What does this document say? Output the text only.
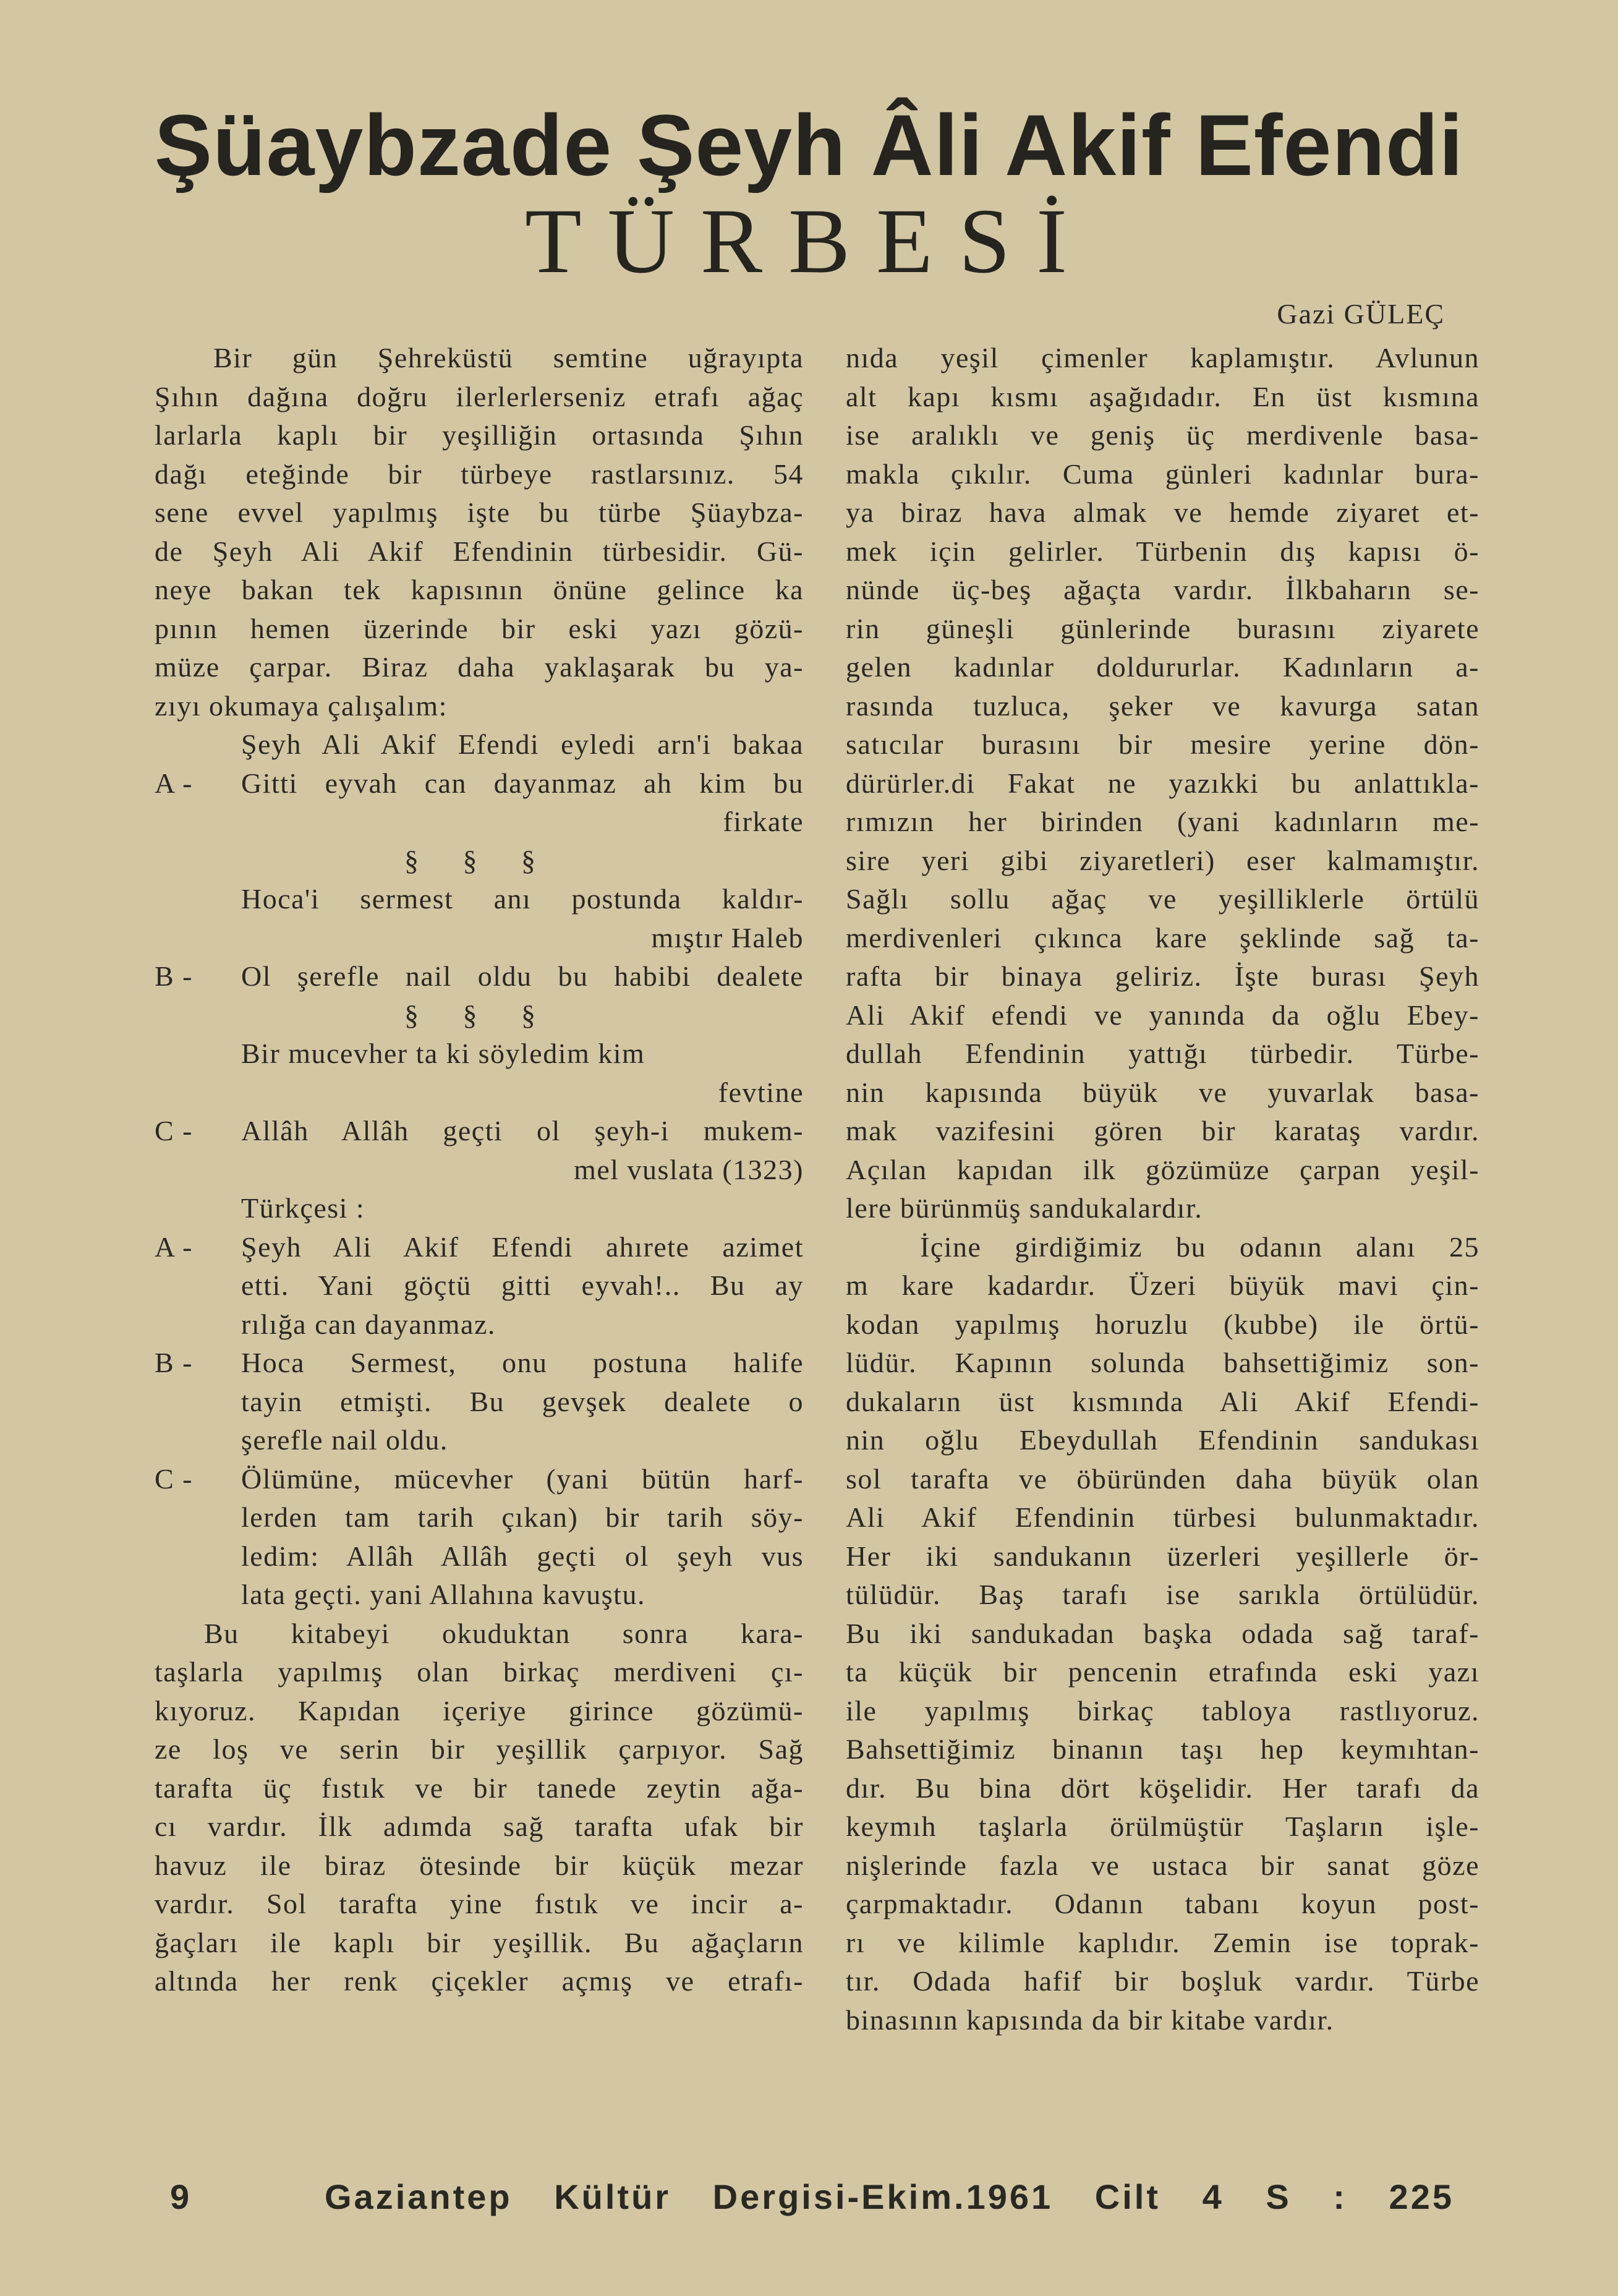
Şüaybzade Şeyh Âli Akif Efendi
TÜRBESİ
Gazi GÜLEÇ
Bir gün Şehreküstü semtine uğrayıpta
Şıhın dağına doğru ilerlerlerseniz etrafı ağaç
larlarla kaplı bir yeşilliğin ortasında Şıhın
dağı eteğinde bir türbeye rastlarsınız. 54
sene evvel yapılmış işte bu türbe Şüaybza-
de Şeyh Ali Akif Efendinin türbesidir. Gü-
neye bakan tek kapısının önüne gelince ka
pının hemen üzerinde bir eski yazı gözü-
müze çarpar. Biraz daha yaklaşarak bu ya-
zıyı okumaya çalışalım:
Şeyh Ali Akif Efendi eyledi arn'i bakaa
A -	Gitti eyvah can dayanmaz ah kim bu
firkate
§ § §
Hoca'i sermest anı postunda kaldır-
mıştır Haleb
B -	Ol şerefle nail oldu bu habibi dealete
§ § §
Bir mucevher ta ki söyledim kim
fevtine
C -	Allâh Allâh geçti ol şeyh-i mukem-
mel vuslata (1323)
Türkçesi :
A -	Şeyh Ali Akif Efendi ahırete azimet
etti. Yani göçtü gitti eyvah!.. Bu ay
rılığa can dayanmaz.
B -	Hoca Sermest, onu postuna halife
tayin etmişti. Bu gevşek dealete o
şerefle nail oldu.
C -	Ölümüne, mücevher (yani bütün harf-
lerden tam tarih çıkan) bir tarih söy-
ledim: Allâh Allâh geçti ol şeyh vus
lata geçti. yani Allahına kavuştu.
Bu kitabeyi okuduktan sonra kara-
taşlarla yapılmış olan birkaç merdiveni çı-
kıyoruz. Kapıdan içeriye girince gözümü-
ze loş ve serin bir yeşillik çarpıyor. Sağ
tarafta üç fıstık ve bir tanede zeytin ağa-
cı vardır. İlk adımda sağ tarafta ufak bir
havuz ile biraz ötesinde bir küçük mezar
vardır. Sol tarafta yine fıstık ve incir a-
ğaçları ile kaplı bir yeşillik. Bu ağaçların
altında her renk çiçekler açmış ve etrafı-
nıda yeşil çimenler kaplamıştır. Avlunun
alt kapı kısmı aşağıdadır. En üst kısmına
ise aralıklı ve geniş üç merdivenle basa-
makla çıkılır. Cuma günleri kadınlar bura-
ya biraz hava almak ve hemde ziyaret et-
mek için gelirler. Türbenin dış kapısı ö-
nünde üç-beş ağaçta vardır. İlkbaharın se-
rin güneşli günlerinde burasını ziyarete
gelen kadınlar doldururlar. Kadınların a-
rasında tuzluca, şeker ve kavurga satan
satıcılar burasını bir mesire yerine dön-
dürürler.di Fakat ne yazıkki bu anlattıkla-
rımızın her birinden (yani kadınların me-
sire yeri gibi ziyaretleri) eser kalmamıştır.
Sağlı sollu ağaç ve yeşilliklerle örtülü
merdivenleri çıkınca kare şeklinde sağ ta-
rafta bir binaya geliriz. İşte burası Şeyh
Ali Akif efendi ve yanında da oğlu Ebey-
dullah Efendinin yattığı türbedir. Türbe-
nin kapısında büyük ve yuvarlak basa-
mak vazifesini gören bir karataş vardır.
Açılan kapıdan ilk gözümüze çarpan yeşil-
lere bürünmüş sandukalardır.
İçine girdiğimiz bu odanın alanı 25
m kare kadardır. Üzeri büyük mavi çin-
kodan yapılmış horuzlu (kubbe) ile örtü-
lüdür. Kapının solunda bahsettiğimiz son-
dukaların üst kısmında Ali Akif Efendi-
nin oğlu Ebeydullah Efendinin sandukası
sol tarafta ve öbüründen daha büyük olan
Ali Akif Efendinin türbesi bulunmaktadır.
Her iki sandukanın üzerleri yeşillerle ör-
tülüdür. Baş tarafı ise sarıkla örtülüdür.
Bu iki sandukadan başka odada sağ taraf-
ta küçük bir pencenin etrafında eski yazı
ile yapılmış birkaç tabloya rastlıyoruz.
Bahsettiğimiz binanın taşı hep keymıhtan-
dır. Bu bina dört köşelidir. Her tarafı da
keymıh taşlarla örülmüştür Taşların işle-
nişlerinde fazla ve ustaca bir sanat göze
çarpmaktadır. Odanın tabanı koyun post-
rı ve kilimle kaplıdır. Zemin ise toprak-
tır. Odada hafif bir boşluk vardır. Türbe
binasının kapısında da bir kitabe vardır.
9	Gaziantep Kültür Dergisi-Ekim.1961 Cilt 4 S : 225
